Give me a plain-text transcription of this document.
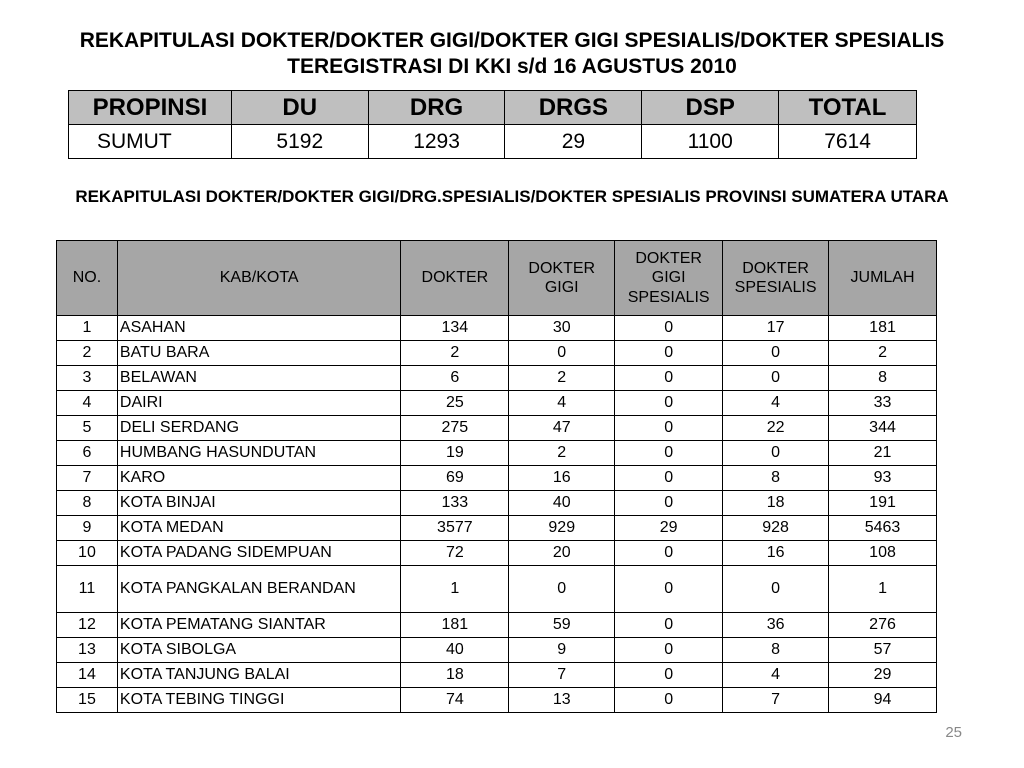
REKAPITULASI DOKTER/DOKTER GIGI/DOKTER GIGI SPESIALIS/DOKTER SPESIALIS TEREGISTRASI DI KKI s/d 16 AGUSTUS 2010
PROPINSI	DU	DRG	DRGS	DSP	TOTAL
SUMUT	5192	1293	29	1100	7614
REKAPITULASI DOKTER/DOKTER GIGI/DRG.SPESIALIS/DOKTER SPESIALIS PROVINSI SUMATERA UTARA
NO.	KAB/KOTA	DOKTER	DOKTER GIGI	DOKTER GIGI SPESIALIS	DOKTER SPESIALIS	JUMLAH
1	ASAHAN	134	30	0	17	181
2	BATU BARA	2	0	0	0	2
3	BELAWAN	6	2	0	0	8
4	DAIRI	25	4	0	4	33
5	DELI SERDANG	275	47	0	22	344
6	HUMBANG HASUNDUTAN	19	2	0	0	21
7	KARO	69	16	0	8	93
8	KOTA BINJAI	133	40	0	18	191
9	KOTA MEDAN	3577	929	29	928	5463
10	KOTA PADANG SIDEMPUAN	72	20	0	16	108
11	KOTA PANGKALAN BERANDAN	1	0	0	0	1
12	KOTA PEMATANG SIANTAR	181	59	0	36	276
13	KOTA SIBOLGA	40	9	0	8	57
14	KOTA TANJUNG BALAI	18	7	0	4	29
15	KOTA TEBING TINGGI	74	13	0	7	94
25
